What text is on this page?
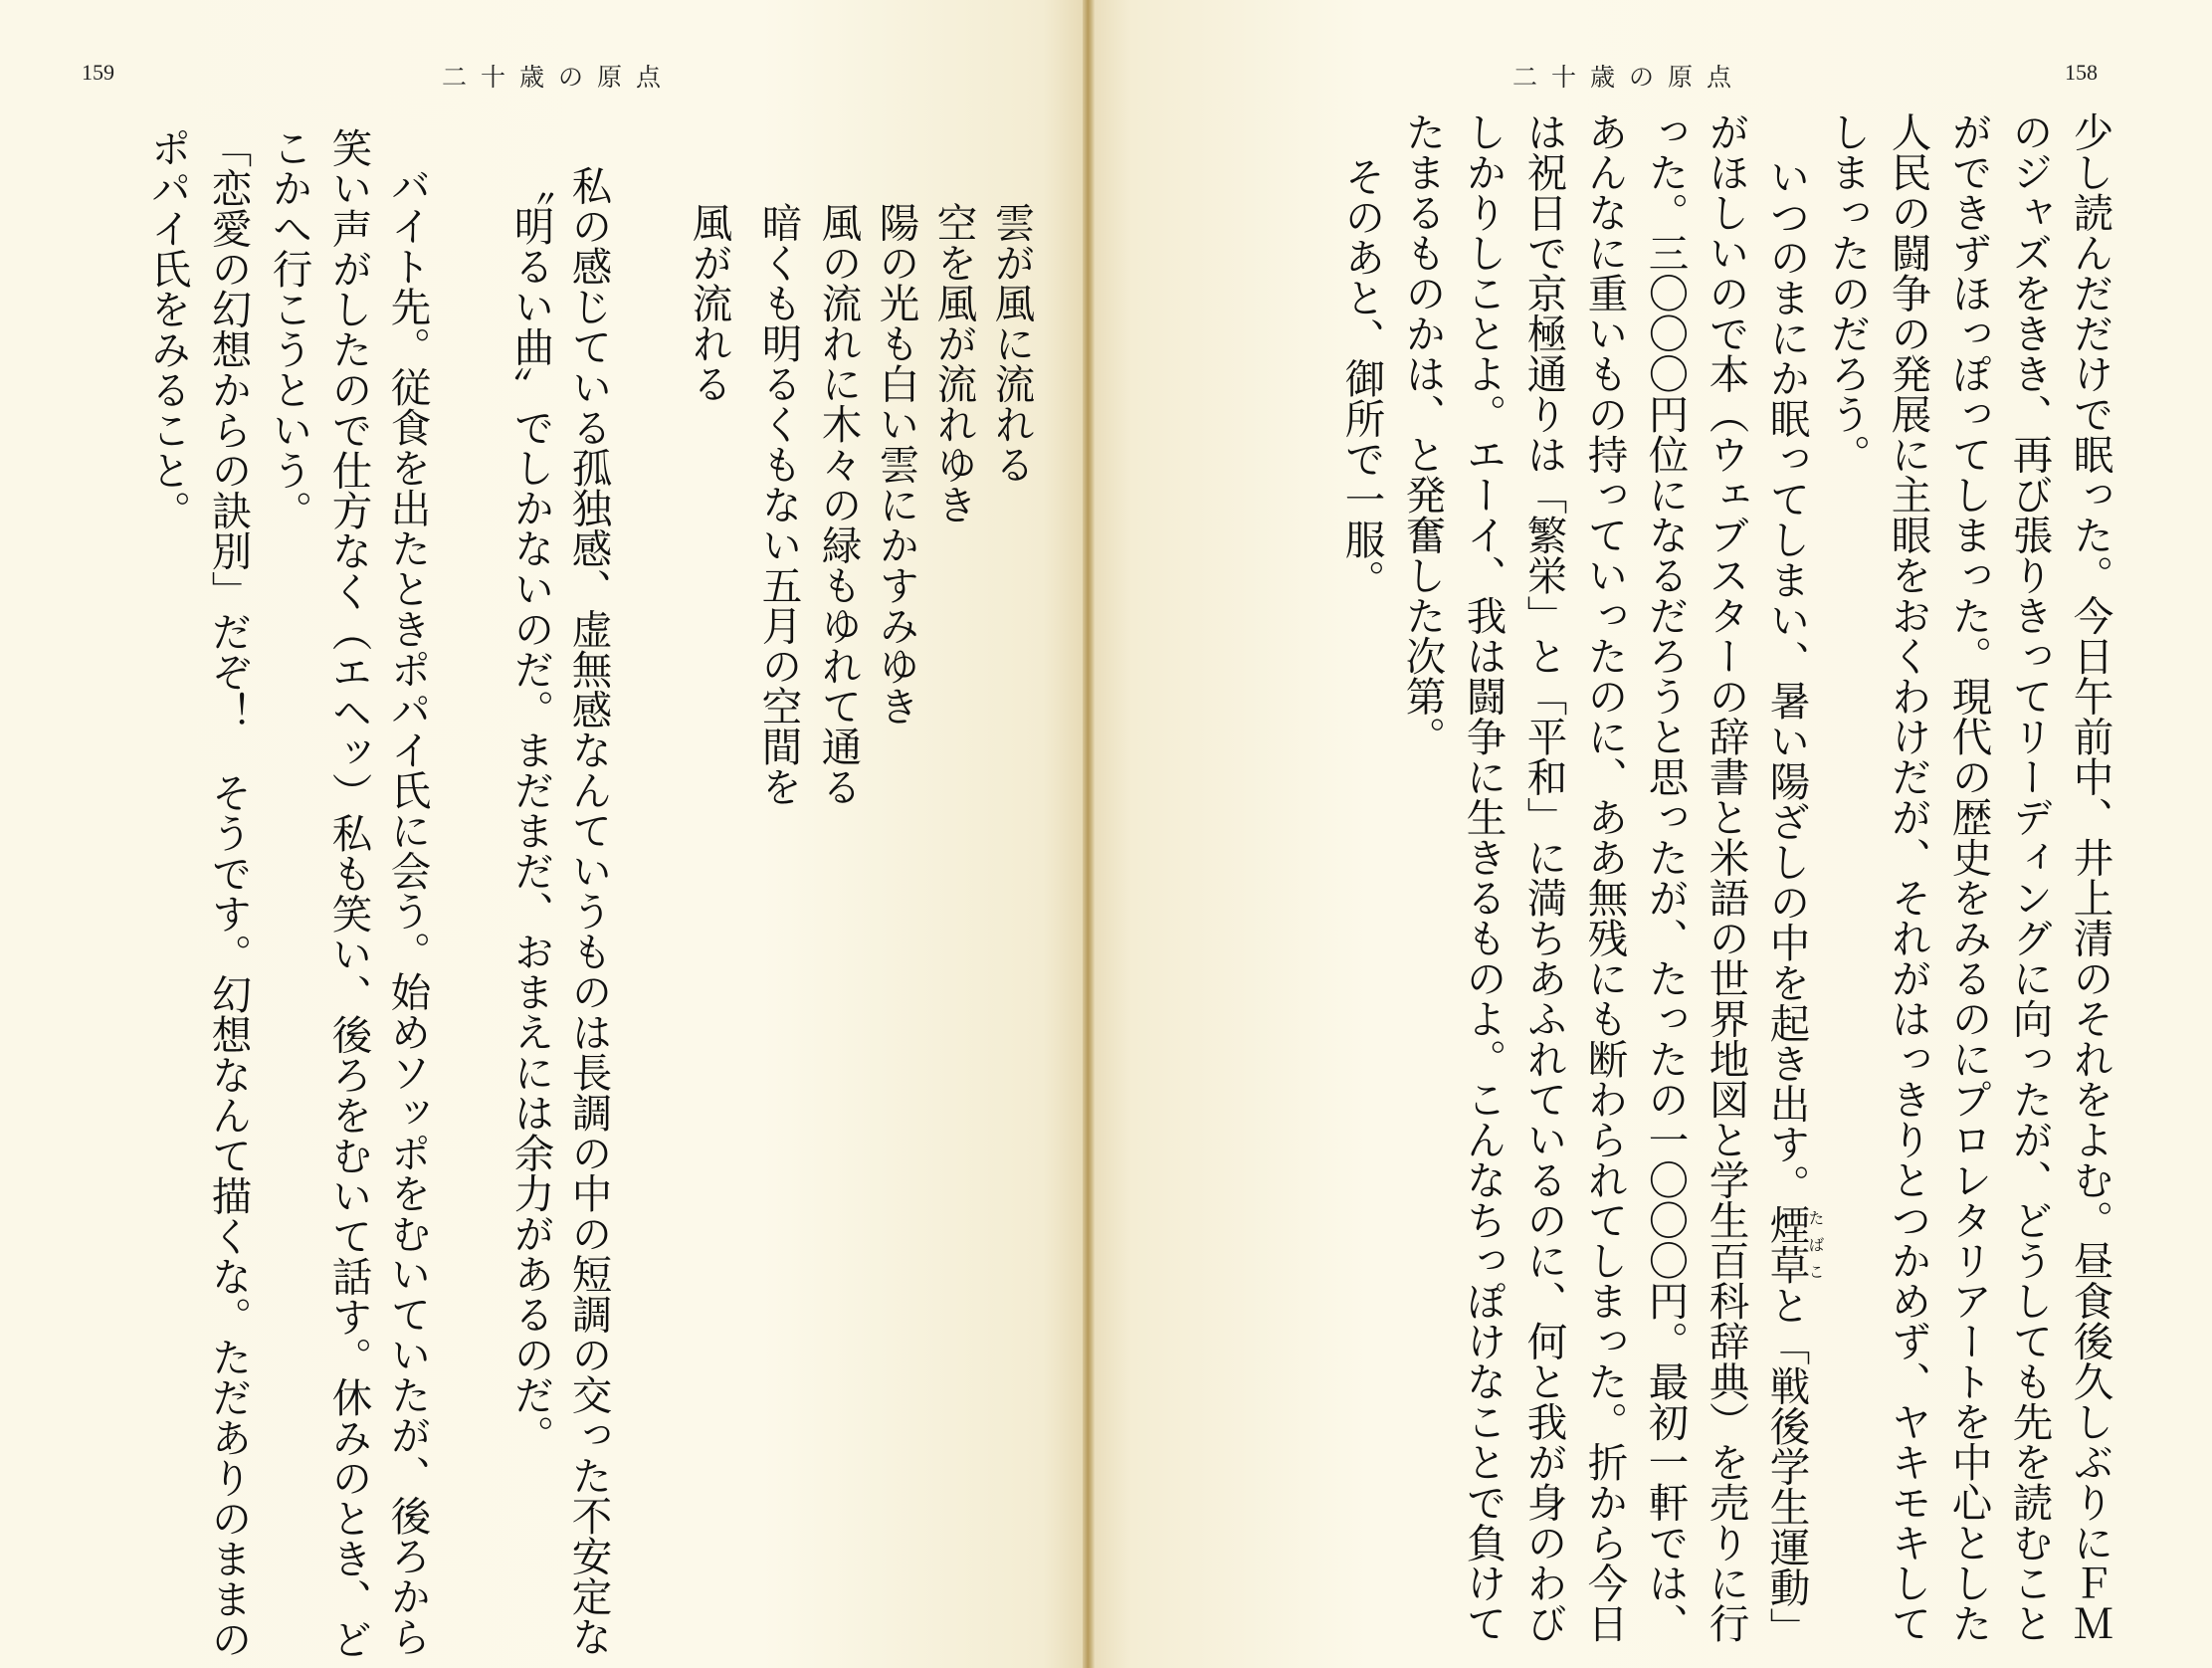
159	二十歳の原点
雲が風に流れる
空を風が流れゆき
陽の光も白い雲にかすみゆき
風の流れに木々の緑もゆれて通る
暗くも明るくもない五月の空間を
風が流れる
私の感じている孤独感、虚無感なんていうものは長調の中の短調の交った不安定な
〝明るい曲〟でしかないのだ。まだまだ、おまえには余力があるのだ。
バイト先。従食を出たときポパイ氏に会う。始めソッポをむいていたが、後ろから
笑い声がしたので仕方なく（エヘッ）私も笑い、後ろをむいて話す。休みのとき、ど
こかへ行こうという。
「恋愛の幻想からの訣別」だぞ！　そうです。幻想なんて描くな。ただありのままの
ポパイ氏をみること。
二十歳の原点	158
少し読んだだけで眠った。今日午前中、井上清のそれをよむ。昼食後久しぶりにＦＭ
のジャズをきき、再び張りきってリーディングに向ったが、どうしても先を読むこと
ができずほっぽってしまった。現代の歴史をみるのにプロレタリアートを中心とした
人民の闘争の発展に主眼をおくわけだが、それがはっきりとつかめず、ヤキモキして
しまったのだろう。
いつのまにか眠ってしまい、暑い陽ざしの中を起き出す。煙草たばこと「戦後学生運動」
がほしいので本（ウェブスターの辞書と米語の世界地図と学生百科辞典）を売りに行
った。三〇〇〇円位になるだろうと思ったが、たったの一〇〇〇円。最初一軒では、
あんなに重いもの持っていったのに、ああ無残にも断わられてしまった。折から今日
は祝日で京極通りは「繁栄」と「平和」に満ちあふれているのに、何と我が身のわび
しかりしことよ。エーイ、我は闘争に生きるものよ。こんなちっぽけなことで負けて
たまるものかは、と発奮した次第。
そのあと、御所で一服。
